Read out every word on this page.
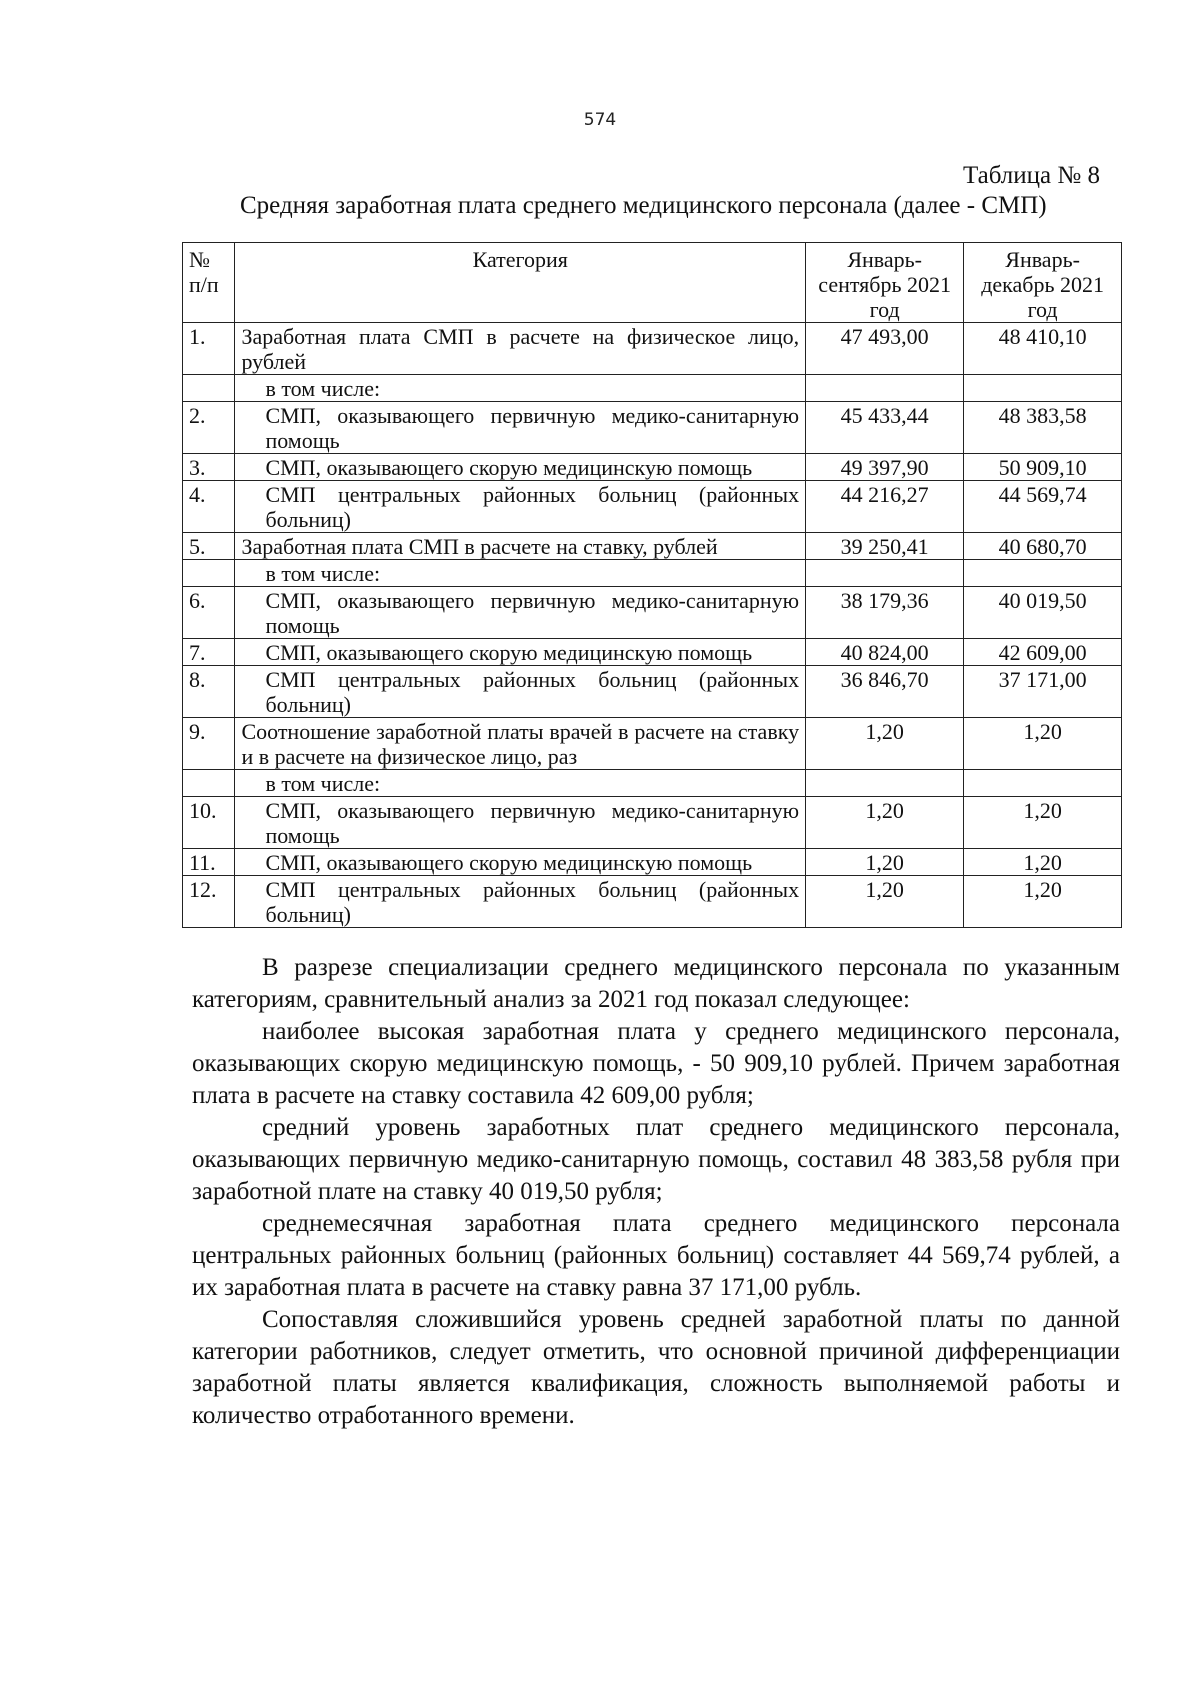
574
Таблица № 8
Средняя заработная плата среднего медицинского персонала (далее - СМП)
№ п/п	Категория	Январь-сентябрь 2021 год	Январь-декабрь 2021 год
1.	Заработная плата СМП в расчете на физическое лицо, рублей	47 493,00	48 410,10
	в том числе:		
2.	СМП, оказывающего первичную медико-санитарную помощь	45 433,44	48 383,58
3.	СМП, оказывающего скорую медицинскую помощь	49 397,90	50 909,10
4.	СМП центральных районных больниц (районных больниц)	44 216,27	44 569,74
5.	Заработная плата СМП в расчете на ставку, рублей	39 250,41	40 680,70
	в том числе:		
6.	СМП, оказывающего первичную медико-санитарную помощь	38 179,36	40 019,50
7.	СМП, оказывающего скорую медицинскую помощь	40 824,00	42 609,00
8.	СМП центральных районных больниц (районных больниц)	36 846,70	37 171,00
9.	Соотношение заработной платы врачей в расчете на ставку и в расчете на физическое лицо, раз	1,20	1,20
	в том числе:		
10.	СМП, оказывающего первичную медико-санитарную помощь	1,20	1,20
11.	СМП, оказывающего скорую медицинскую помощь	1,20	1,20
12.	СМП центральных районных больниц (районных больниц)	1,20	1,20

В разрезе специализации среднего медицинского персонала по указанным категориям, сравнительный анализ за 2021 год показал следующее:

наиболее высокая заработная плата у среднего медицинского персонала, оказывающих скорую медицинскую помощь, - 50 909,10 рублей. Причем заработная плата в расчете на ставку составила 42 609,00 рубля;

средний уровень заработных плат среднего медицинского персонала, оказывающих первичную медико-санитарную помощь, составил 48 383,58 рубля при заработной плате на ставку 40 019,50 рубля;

среднемесячная заработная плата среднего медицинского персонала центральных районных больниц (районных больниц) составляет 44 569,74 рублей, а их заработная плата в расчете на ставку равна 37 171,00 рубль.

Сопоставляя сложившийся уровень средней заработной платы по данной категории работников, следует отметить, что основной причиной дифференциации заработной платы является квалификация, сложность выполняемой работы и количество отработанного времени.
